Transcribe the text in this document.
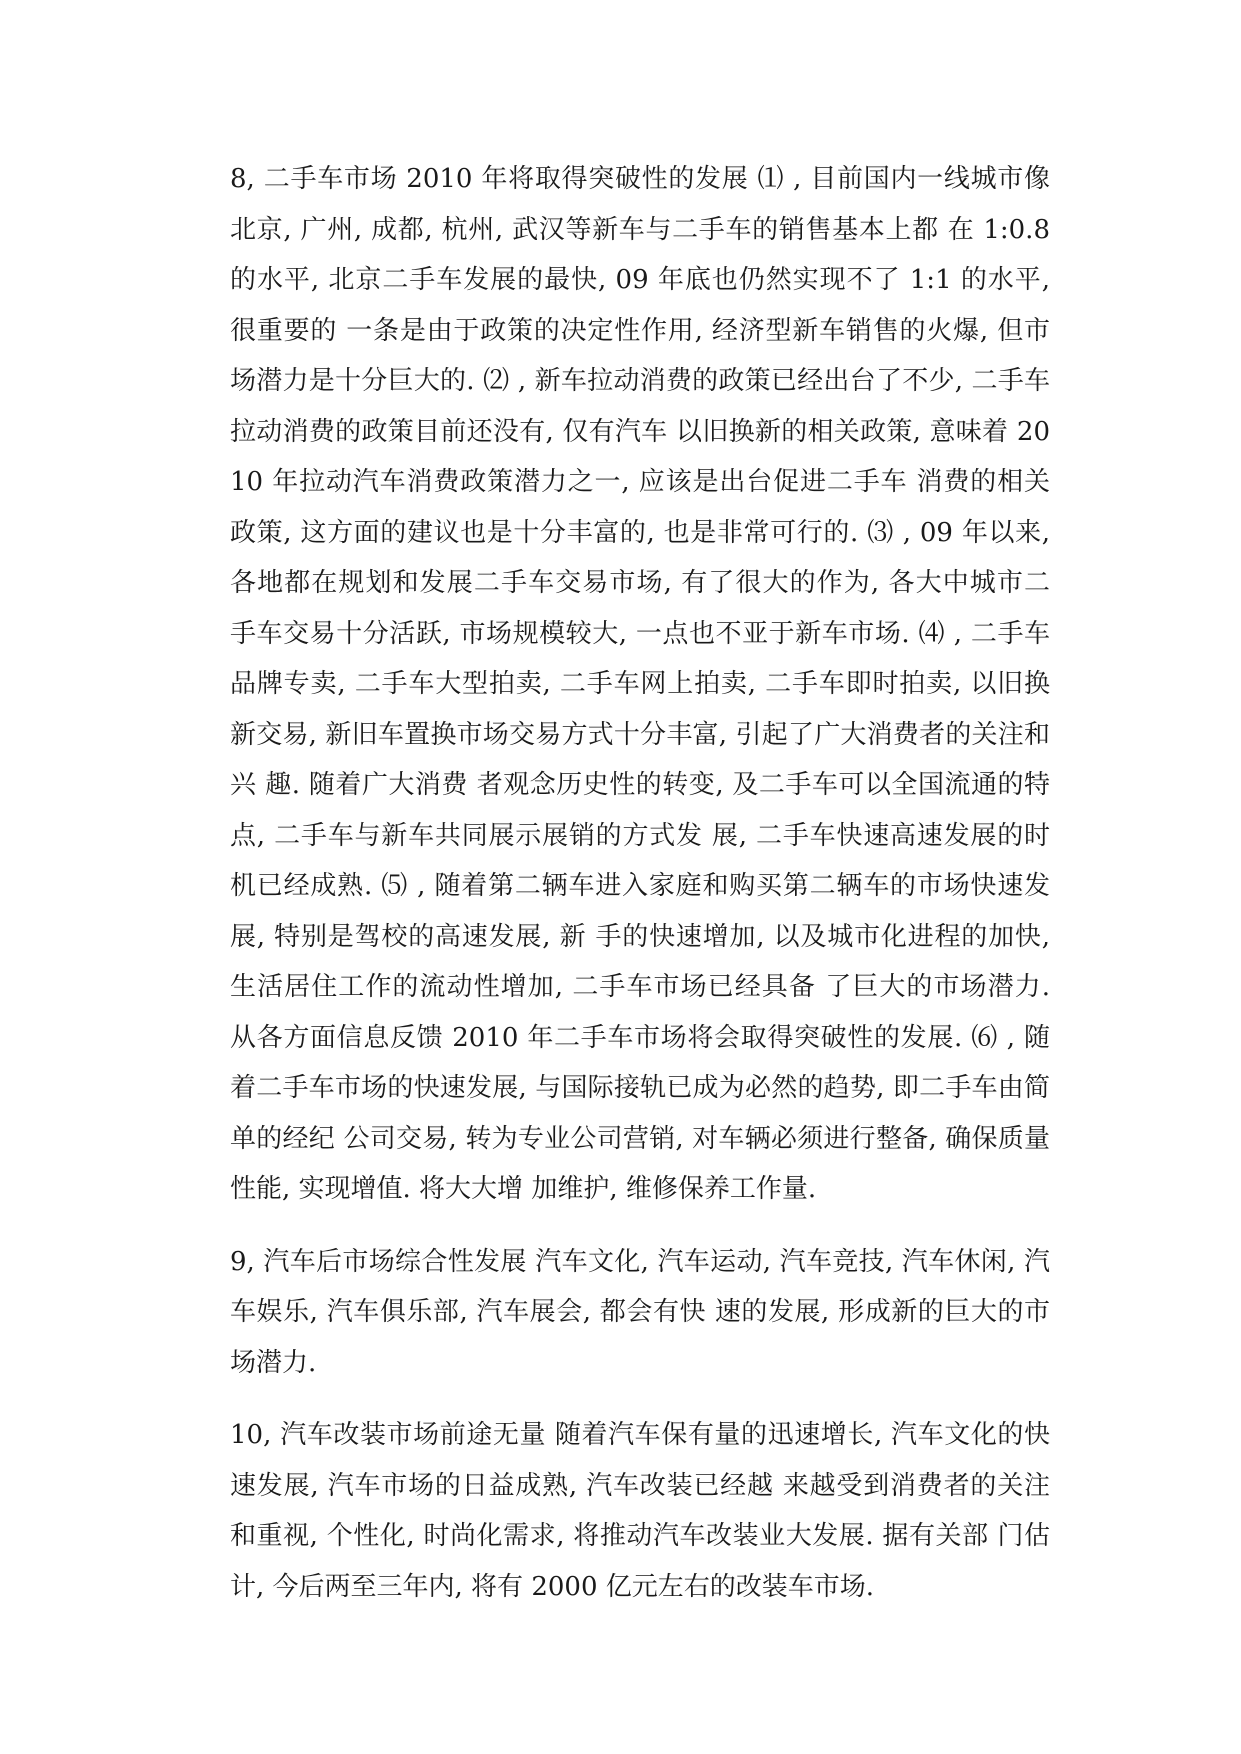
8, 二手车市场 2010 年将取得突破性的发展 ⑴ , 目前国内一线城市像北京, 广州, 成都, 杭州, 武汉等新车与二手车的销售基本上都 在 1:0.8 的水平, 北京二手车发展的最快, 09 年底也仍然实现不了 1:1 的水平, 很重要的 一条是由于政策的决定性作用, 经济型新车销售的火爆, 但市场潜力是十分巨大的. ⑵ , 新车拉动消费的政策已经出台了不少, 二手车拉动消费的政策目前还没有, 仅有汽车 以旧换新的相关政策, 意味着 2010 年拉动汽车消费政策潜力之一, 应该是出台促进二手车 消费的相关政策, 这方面的建议也是十分丰富的, 也是非常可行的. ⑶ , 09 年以来, 各地都在规划和发展二手车交易市场, 有了很大的作为, 各大中城市二 手车交易十分活跃, 市场规模较大, 一点也不亚于新车市场. ⑷ , 二手车品牌专卖, 二手车大型拍卖, 二手车网上拍卖, 二手车即时拍卖, 以旧换新交易, 新旧车置换市场交易方式十分丰富, 引起了广大消费者的关注和兴 趣. 随着广大消费 者观念历史性的转变, 及二手车可以全国流通的特点, 二手车与新车共同展示展销的方式发 展, 二手车快速高速发展的时机已经成熟. ⑸ , 随着第二辆车进入家庭和购买第二辆车的市场快速发展, 特别是驾校的高速发展, 新 手的快速增加, 以及城市化进程的加快, 生活居住工作的流动性增加, 二手车市场已经具备 了巨大的市场潜力. 从各方面信息反馈 2010 年二手车市场将会取得突破性的发展. ⑹ , 随着二手车市场的快速发展, 与国际接轨已成为必然的趋势, 即二手车由简单的经纪 公司交易, 转为专业公司营销, 对车辆必须进行整备, 确保质量性能, 实现增值. 将大大增 加维护, 维修保养工作量.

9, 汽车后市场综合性发展 汽车文化, 汽车运动, 汽车竞技, 汽车休闲, 汽车娱乐, 汽车俱乐部, 汽车展会, 都会有快 速的发展, 形成新的巨大的市场潜力.

10, 汽车改装市场前途无量 随着汽车保有量的迅速增长, 汽车文化的快速发展, 汽车市场的日益成熟, 汽车改装已经越 来越受到消费者的关注和重视, 个性化, 时尚化需求, 将推动汽车改装业大发展. 据有关部 门估计, 今后两至三年内, 将有 2000 亿元左右的改装车市场.
